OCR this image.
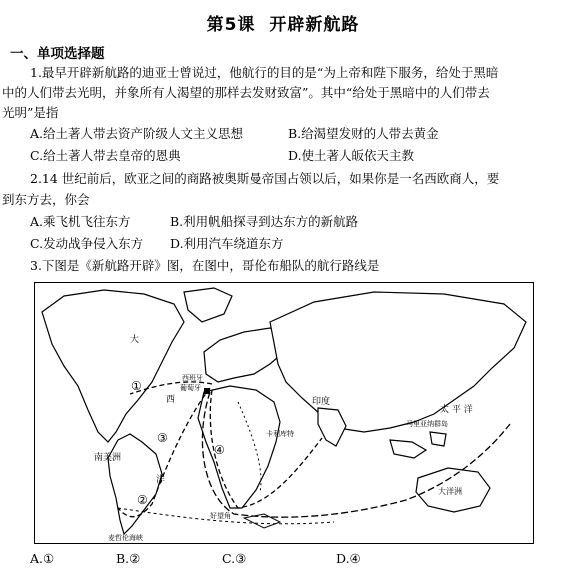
第5课 开辟新航路
一、单项选择题
1.最早开辟新航路的迪亚士曾说过，他航行的目的是“为上帝和陛下服务，给处于黑暗
中的人们带去光明，并象所有人渴望的那样去发财致富”。其中“给处于黑暗中的人们带去
光明”是指
A.给土著人带去资产阶级人文主义思想	B.给渴望发财的人带去黄金
C.给土著人带去皇帝的恩典	D.使土著人皈依天主教
2.14 世纪前后，欧亚之间的商路被奥斯曼帝国占领以后，如果你是一名西欧商人，要
到东方去，你会
A.乘飞机飞往东方	B.利用帆船探寻到达东方的新航路
C.发动战争侵入东方 D.利用汽车绕道东方
3.下图是《新航路开辟》图，在图中，哥伦布船队的航行路线是
①
②
③
④
大
南美洲
西
洋
西班牙
葡萄牙
印度
卡利库特
好望角
麦哲伦海峡
太 平 洋
马里亚纳群岛
大洋洲
A.①	B.②	C.③	D.④
